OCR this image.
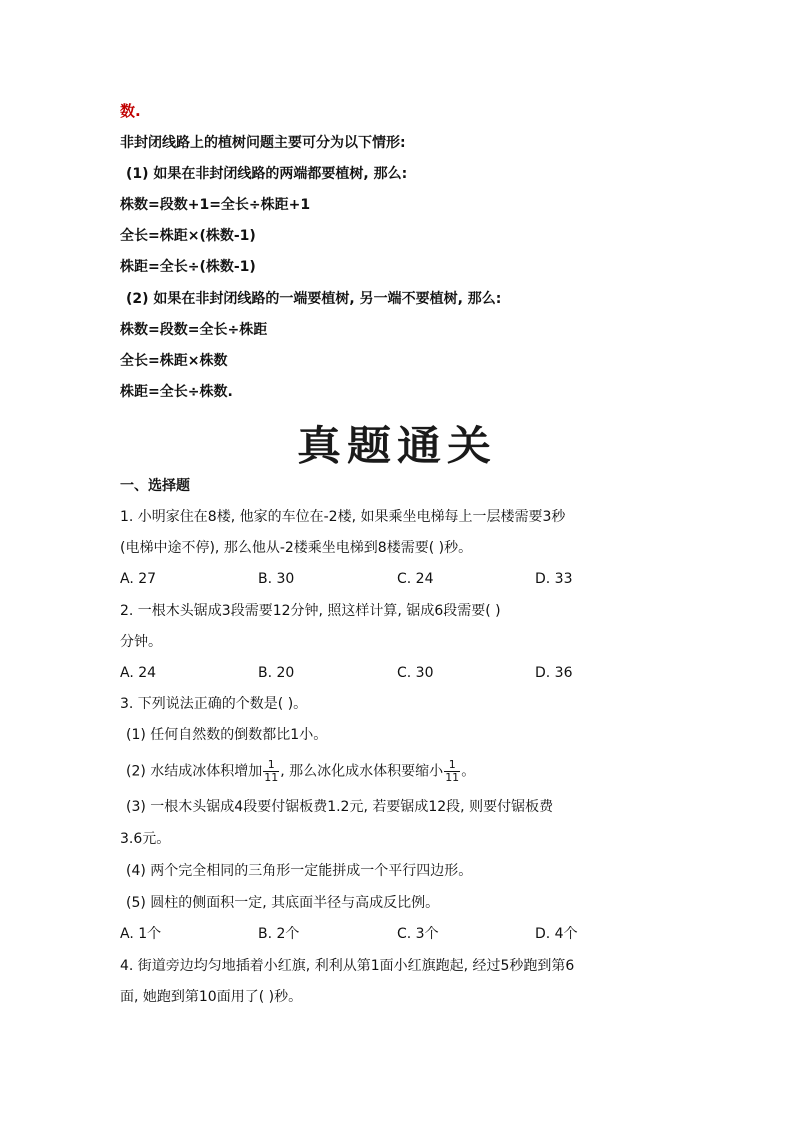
数.
非封闭线路上的植树问题主要可分为以下情形:
(1) 如果在非封闭线路的两端都要植树, 那么:
株数=段数+1=全长÷株距+1
全长=株距×(株数-1)
株距=全长÷(株数-1)
(2) 如果在非封闭线路的一端要植树, 另一端不要植树, 那么:
株数=段数=全长÷株距
全长=株距×株数
株距=全长÷株数.
真题通关
一、选择题
1. 小明家住在8楼, 他家的车位在-2楼, 如果乘坐电梯每上一层楼需要3秒
(电梯中途不停), 那么他从-2楼乘坐电梯到8楼需要( )秒。
A. 27	B. 30	C. 24	D. 33
2. 一根木头锯成3段需要12分钟, 照这样计算, 锯成6段需要( )
分钟。
A. 24	B. 20	C. 30	D. 36
3. 下列说法正确的个数是( )。
(1) 任何自然数的倒数都比1小。
(2) 水结成冰体积增加 $\frac{1}{11}$ , 那么冰化成水体积要缩小 $\frac{1}{11}$ 。
(3) 一根木头锯成4段要付锯板费1.2元, 若要锯成12段, 则要付锯板费
3.6元。
(4) 两个完全相同的三角形一定能拼成一个平行四边形。
(5) 圆柱的侧面积一定, 其底面半径与高成反比例。
A. 1个	B. 2个	C. 3个	D. 4个
4. 街道旁边均匀地插着小红旗, 利利从第1面小红旗跑起, 经过5秒跑到第6
面, 她跑到第10面用了( )秒。
